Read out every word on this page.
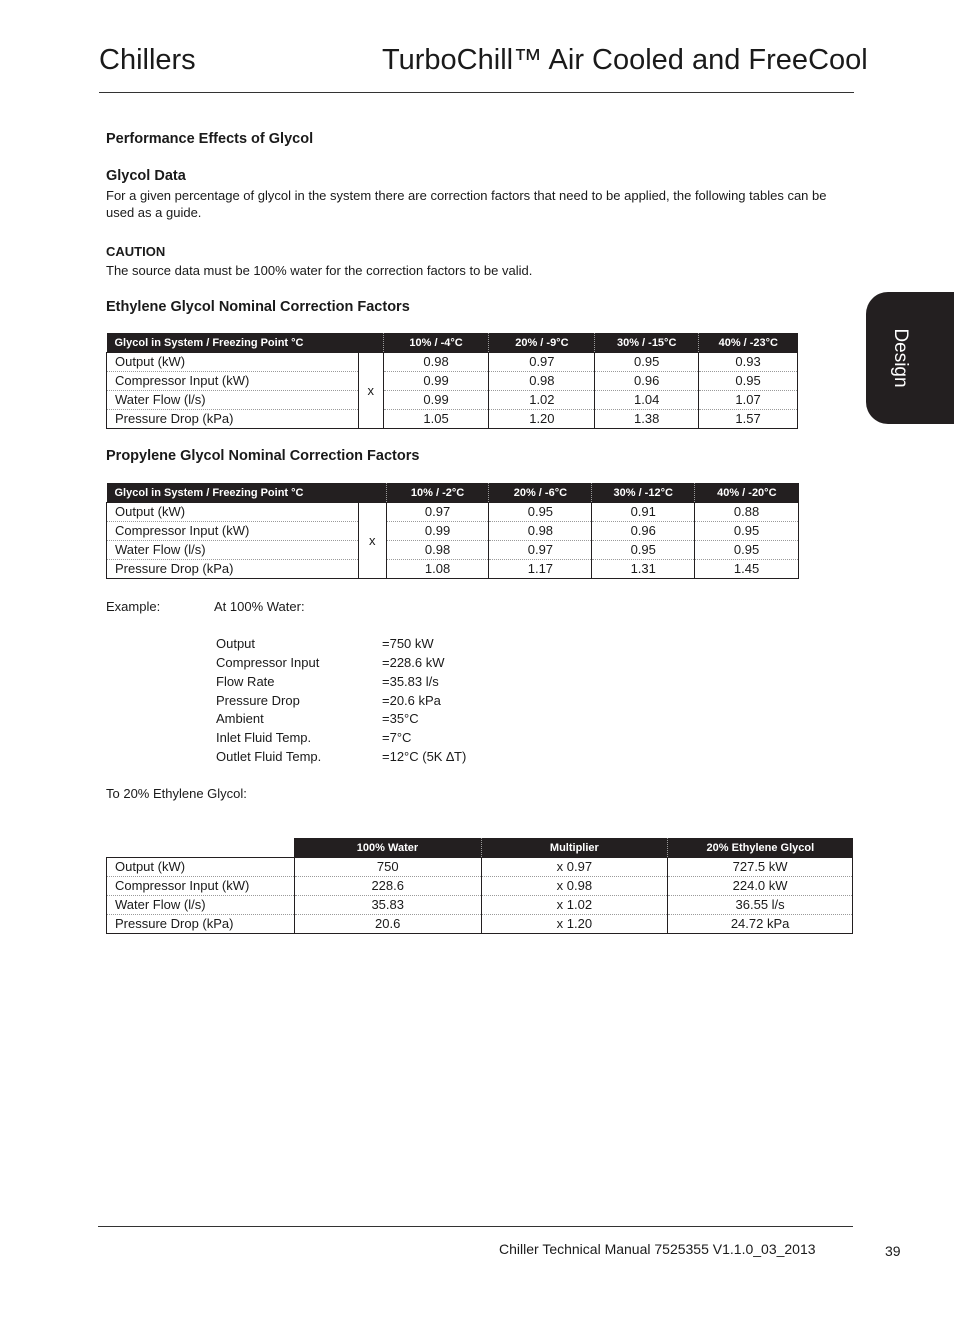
Chillers	TurboChill™ Air Cooled and FreeCool
Design
Performance Effects of Glycol
Glycol Data
For a given percentage of glycol in the system there are correction factors that need to be applied, the following tables can be used as a guide.
CAUTION
The source data must be 100% water for the correction factors to be valid.
Ethylene Glycol Nominal Correction Factors
Glycol in System / Freezing Point °C		10% / -4°C	20% / -9°C	30% / -15°C	40% / -23°C
Output (kW)	x	0.98	0.97	0.95	0.93
Compressor Input (kW)		0.99	0.98	0.96	0.95
Water Flow (l/s)		0.99	1.02	1.04	1.07
Pressure Drop (kPa)		1.05	1.20	1.38	1.57
Propylene Glycol Nominal Correction Factors
Glycol in System / Freezing Point °C		10% / -2°C	20% / -6°C	30% / -12°C	40% / -20°C
Output (kW)	x	0.97	0.95	0.91	0.88
Compressor Input (kW)		0.99	0.98	0.96	0.95
Water Flow (l/s)		0.98	0.97	0.95	0.95
Pressure Drop (kPa)		1.08	1.17	1.31	1.45
Example:	At 100% Water:
Output	=750 kW
Compressor Input	=228.6 kW
Flow Rate	=35.83 l/s
Pressure Drop	=20.6 kPa
Ambient	=35°C
Inlet Fluid Temp.	=7°C
Outlet Fluid Temp.	=12°C (5K ∆T)
To 20% Ethylene Glycol:
	100% Water	Multiplier	20% Ethylene Glycol
Output (kW)	750	x 0.97	727.5 kW
Compressor Input (kW)	228.6	x 0.98	224.0 kW
Water Flow (l/s)	35.83	x 1.02	36.55 l/s
Pressure Drop (kPa)	20.6	x 1.20	24.72 kPa
Chiller Technical Manual 7525355 V1.1.0_03_2013	39
